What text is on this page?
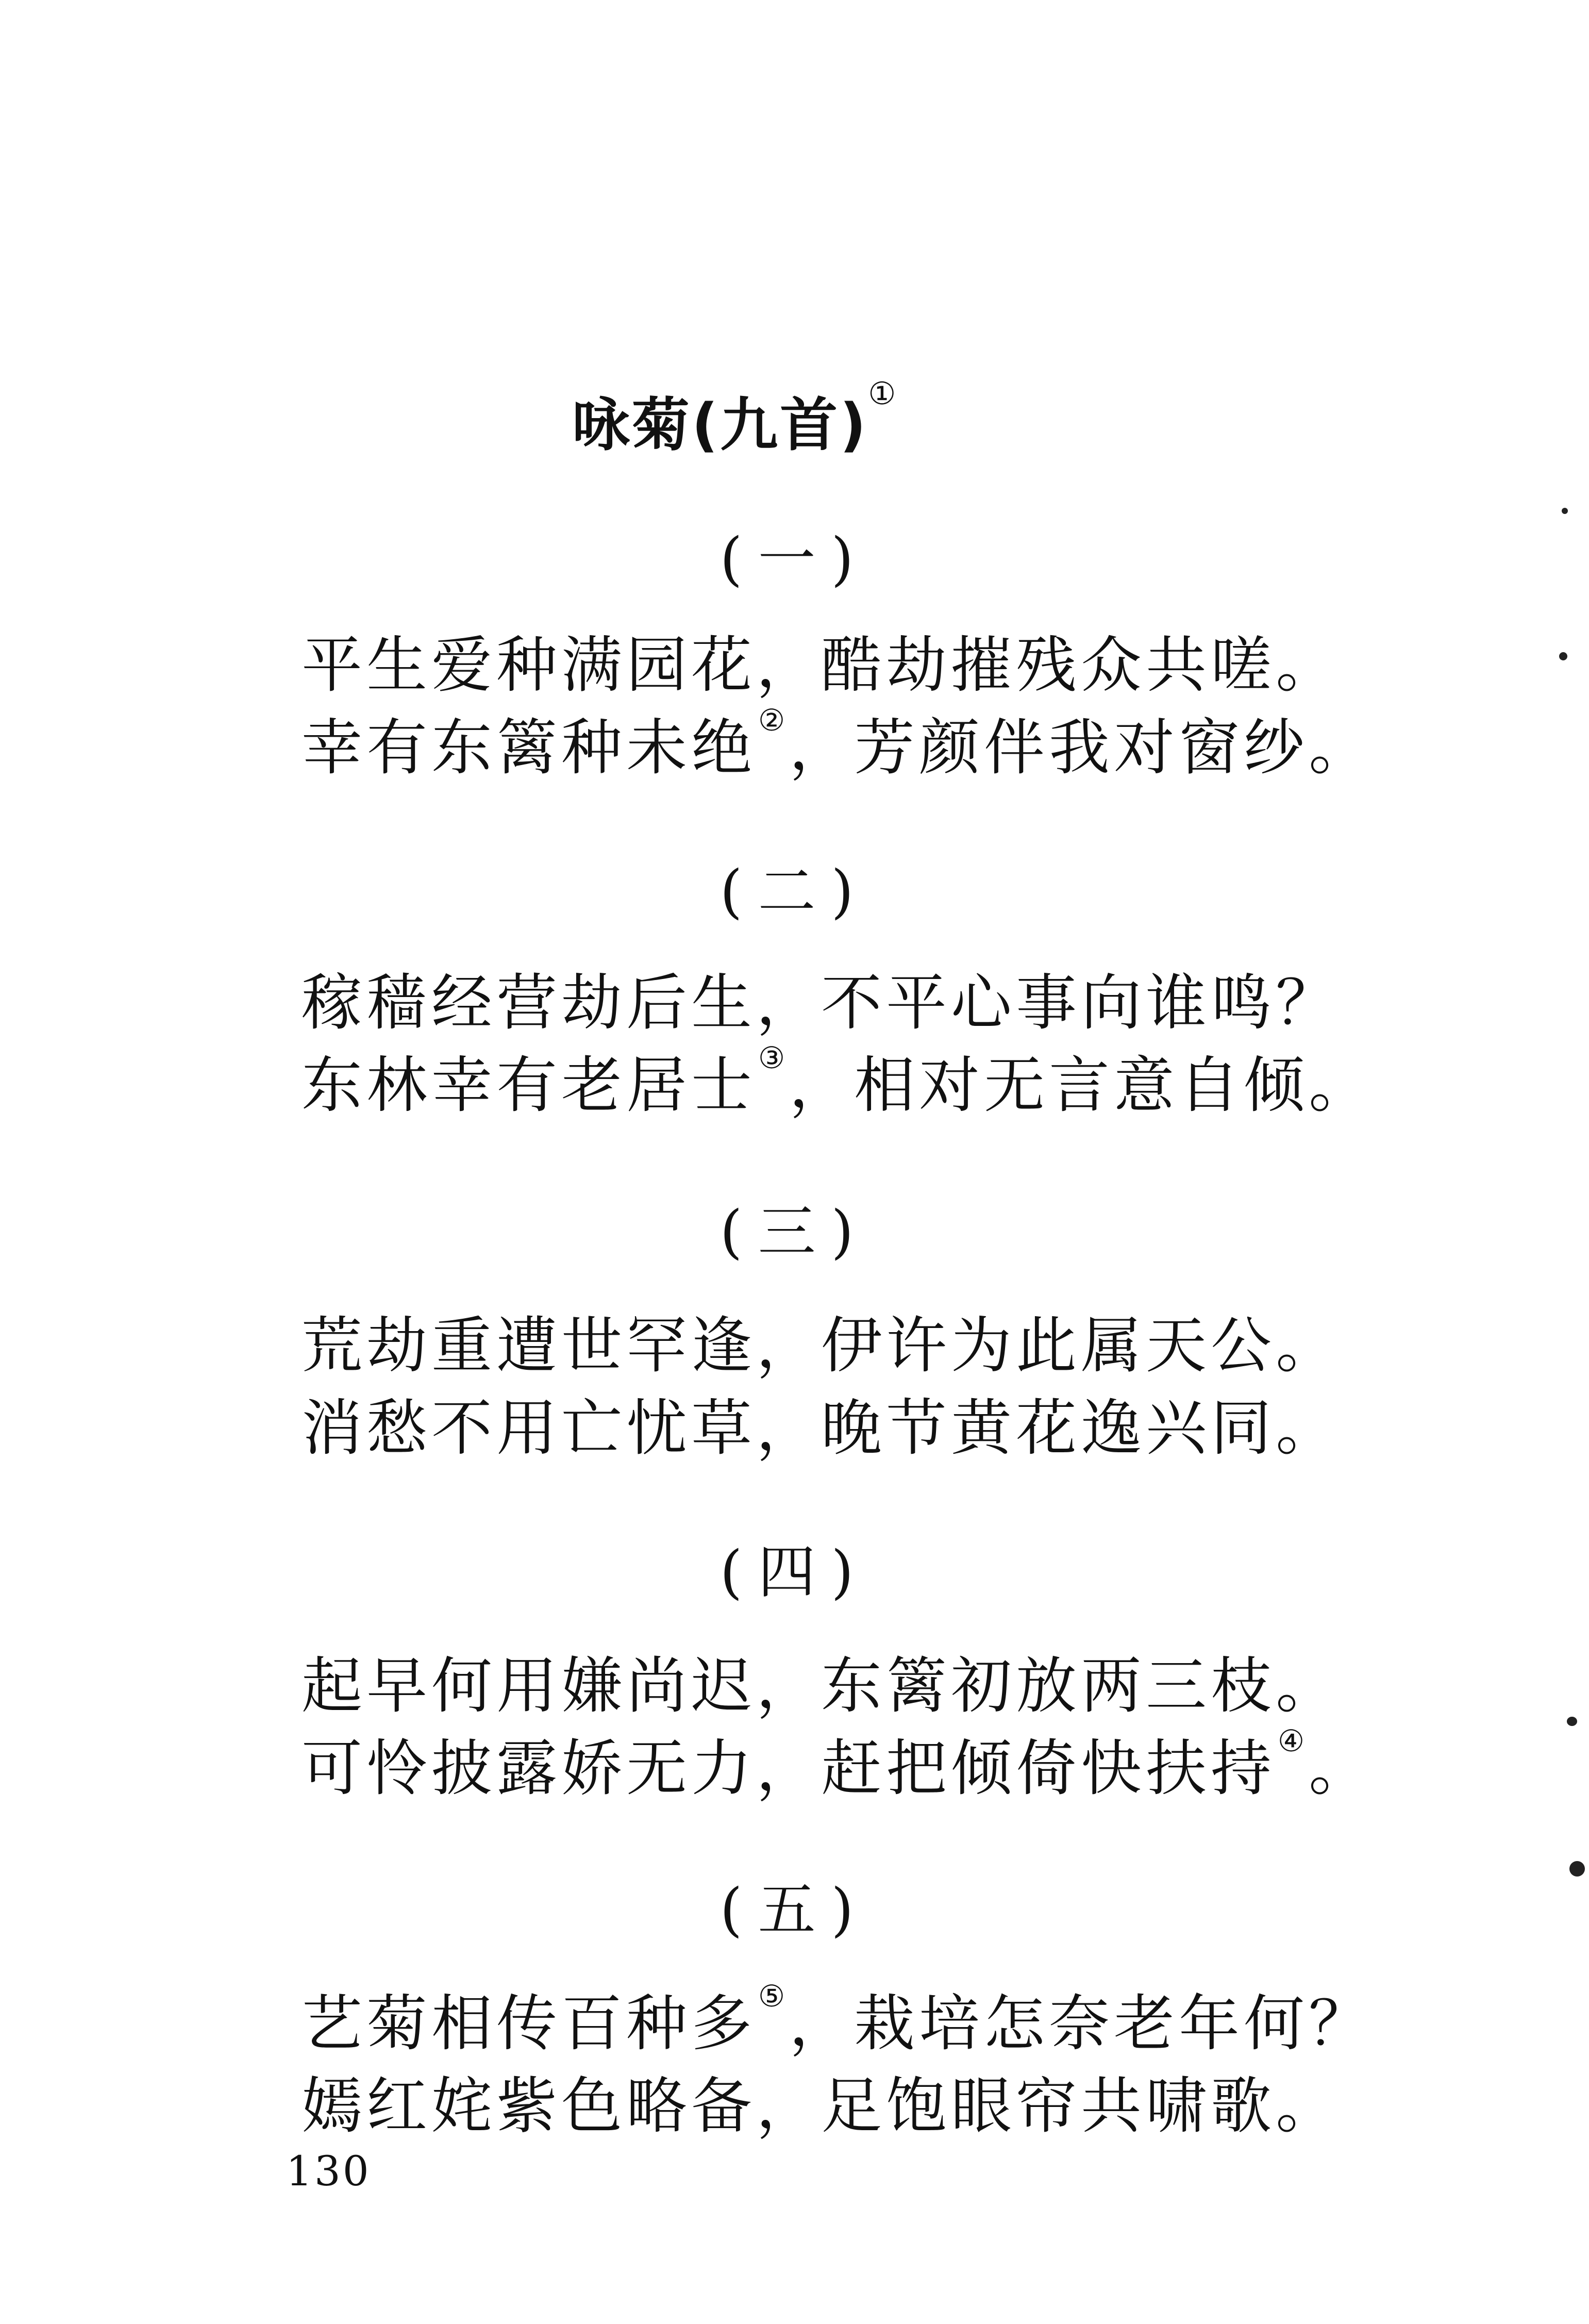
咏菊(九首)①
(一)
平生爱种满园花，酷劫摧残众共嗟。
幸有东篱种未绝②，芳颜伴我对窗纱。
(二)
稼穑经营劫后生，不平心事向谁鸣？
东林幸有老居士③，相对无言意自倾。
(三)
荒劫重遭世罕逢，伊许为此属天公。
消愁不用亡忧草，晚节黄花逸兴同。
(四)
起早何用嫌尚迟，东篱初放两三枝。
可怜披露娇无力，赶把倾倚快扶持④。
(五)
艺菊相传百种多⑤，栽培怎奈老年何？
嫣红姹紫色略备，足饱眼帘共啸歌。
130
